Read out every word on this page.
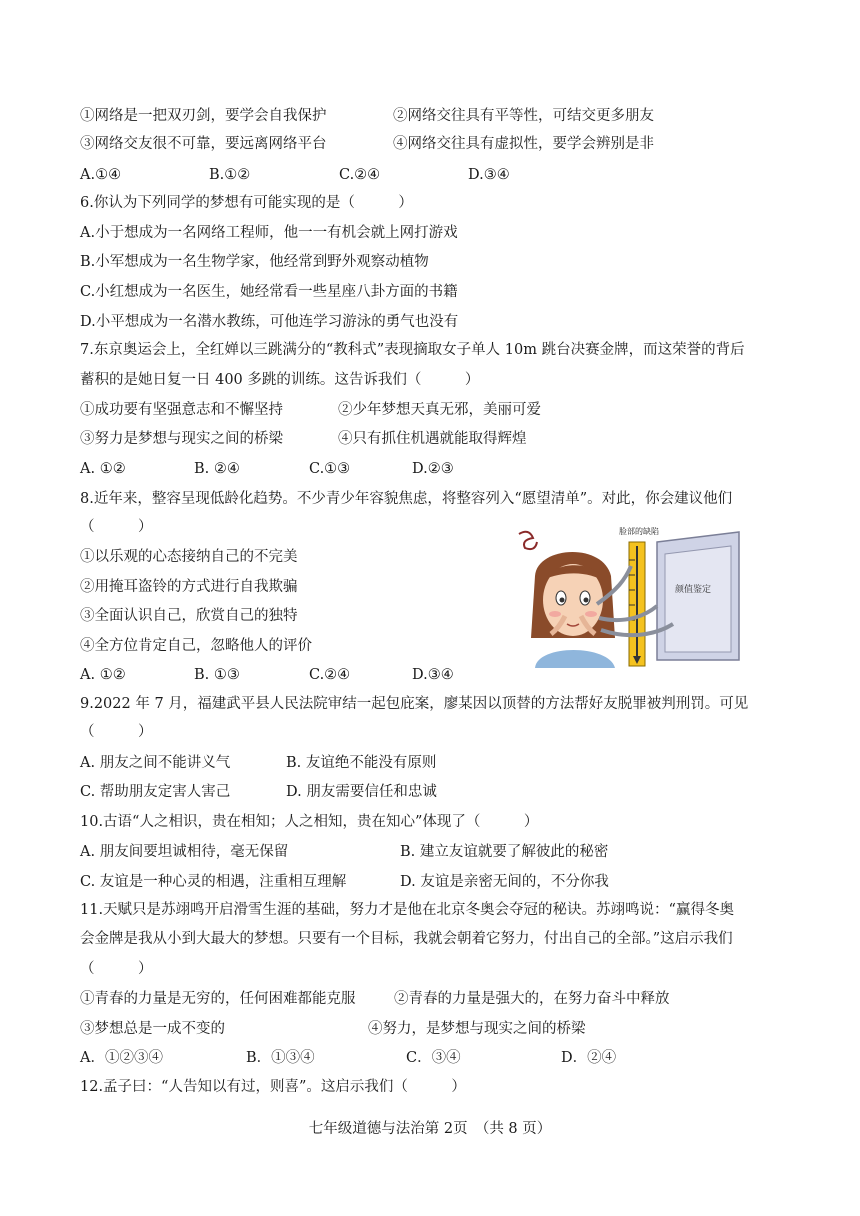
①网络是一把双刃剑，要学会自我保护	②网络交往具有平等性，可结交更多朋友
③网络交友很不可靠，要远离网络平台	④网络交往具有虚拟性，要学会辨别是非
A.①④	B.①②	C.②④	D.③④
6.你认为下列同学的梦想有可能实现的是（　　　）
A.小于想成为一名网络工程师，他一一有机会就上网打游戏
B.小军想成为一名生物学家，他经常到野外观察动植物
C.小红想成为一名医生，她经常看一些星座八卦方面的书籍
D.小平想成为一名潜水教练，可他连学习游泳的勇气也没有
7.东京奥运会上，全红婵以三跳满分的“教科式”表现摘取女子单人 10m 跳台决赛金牌，而这荣誉的背后
蓄积的是她日复一日 400 多跳的训练。这告诉我们（　　　）
①成功要有坚强意志和不懈坚持	②少年梦想天真无邪，美丽可爱
③努力是梦想与现实之间的桥梁	④只有抓住机遇就能取得辉煌
A. ①②	B. ②④	C.①③	D.②③
8.近年来，整容呈现低龄化趋势。不少青少年容貌焦虑，将整容列入“愿望清单”。对此，你会建议他们
（　　　）
①以乐观的心态接纳自己的不完美
②用掩耳盗铃的方式进行自我欺骗
③全面认识自己，欣赏自己的独特
④全方位肯定自己，忽略他人的评价
A. ①②	B. ①③	C.②④	D.③④
颜值鉴定
脸部的缺陷
9.2022 年 7 月，福建武平县人民法院审结一起包庇案，廖某因以顶替的方法帮好友脱罪被判刑罚。可见
（　　　）
A. 朋友之间不能讲义气	B. 友谊绝不能没有原则
C. 帮助朋友定害人害己	D. 朋友需要信任和忠诚
10.古语“人之相识，贵在相知；人之相知，贵在知心”体现了（　　　）
A. 朋友间要坦诚相待，毫无保留	B. 建立友谊就要了解彼此的秘密
C. 友谊是一种心灵的相遇，注重相互理解	D. 友谊是亲密无间的，不分你我
11.天赋只是苏翊鸣开启滑雪生涯的基础，努力才是他在北京冬奥会夺冠的秘诀。苏翊鸣说：“赢得冬奥
会金牌是我从小到大最大的梦想。只要有一个目标，我就会朝着它努力，付出自己的全部。”这启示我们
（　　　）
①青春的力量是无穷的，任何困难都能克服	②青春的力量是强大的，在努力奋斗中释放
③梦想总是一成不变的	④努力，是梦想与现实之间的桥梁
A．①②③④	B．①③④	C．③④	D．②④
12.孟子曰：“人告知以有过，则喜”。这启示我们（　　　）
七年级道德与法治第 2页　（共 8 页）
